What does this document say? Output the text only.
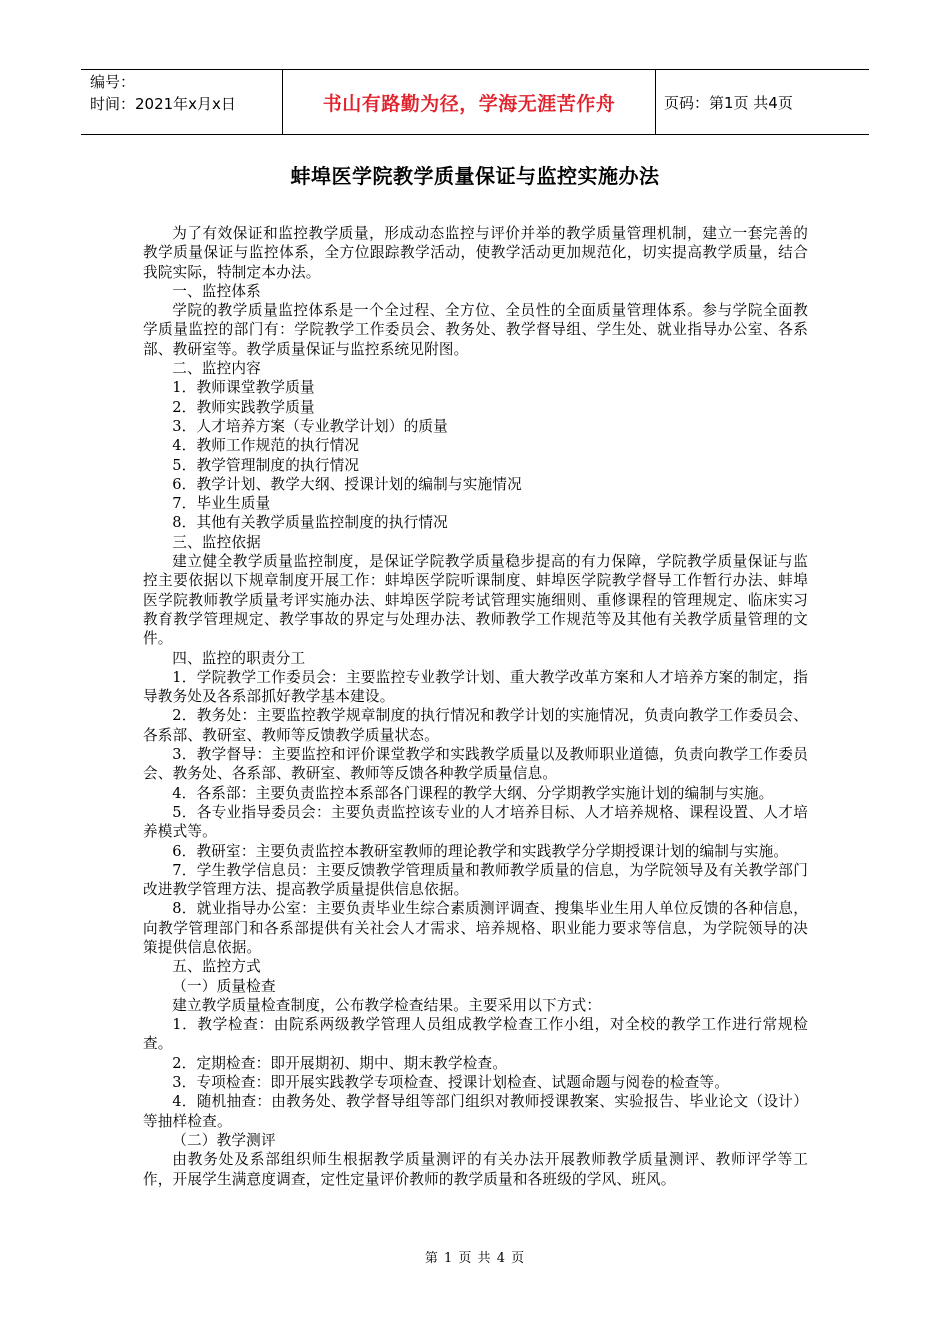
编号：
时间：2021年x月x日	书山有路勤为径，学海无涯苦作舟	页码：第1页 共4页
蚌埠医学院教学质量保证与监控实施办法

为了有效保证和监控教学质量，形成动态监控与评价并举的教学质量管理机制，建立一套完善的教学质量保证与监控体系，全方位跟踪教学活动，使教学活动更加规范化，切实提高教学质量，结合我院实际，特制定本办法。

一、监控体系

学院的教学质量监控体系是一个全过程、全方位、全员性的全面质量管理体系。参与学院全面教学质量监控的部门有：学院教学工作委员会、教务处、教学督导组、学生处、就业指导办公室、各系部、教研室等。教学质量保证与监控系统见附图。

二、监控内容

1．教师课堂教学质量

2．教师实践教学质量

3．人才培养方案（专业教学计划）的质量

4．教师工作规范的执行情况

5．教学管理制度的执行情况

6．教学计划、教学大纲、授课计划的编制与实施情况

7．毕业生质量

8．其他有关教学质量监控制度的执行情况

三、监控依据

建立健全教学质量监控制度，是保证学院教学质量稳步提高的有力保障，学院教学质量保证与监控主要依据以下规章制度开展工作：蚌埠医学院听课制度、蚌埠医学院教学督导工作暂行办法、蚌埠医学院教师教学质量考评实施办法、蚌埠医学院考试管理实施细则、重修课程的管理规定、临床实习教育教学管理规定、教学事故的界定与处理办法、教师教学工作规范等及其他有关教学质量管理的文件。

四、监控的职责分工

1．学院教学工作委员会：主要监控专业教学计划、重大教学改革方案和人才培养方案的制定，指导教务处及各系部抓好教学基本建设。

2．教务处：主要监控教学规章制度的执行情况和教学计划的实施情况，负责向教学工作委员会、各系部、教研室、教师等反馈教学质量状态。

3．教学督导：主要监控和评价课堂教学和实践教学质量以及教师职业道德，负责向教学工作委员会、教务处、各系部、教研室、教师等反馈各种教学质量信息。

4．各系部：主要负责监控本系部各门课程的教学大纲、分学期教学实施计划的编制与实施。

5．各专业指导委员会：主要负责监控该专业的人才培养目标、人才培养规格、课程设置、人才培养模式等。

6．教研室：主要负责监控本教研室教师的理论教学和实践教学分学期授课计划的编制与实施。

7．学生教学信息员：主要反馈教学管理质量和教师教学质量的信息，为学院领导及有关教学部门改进教学管理方法、提高教学质量提供信息依据。

8．就业指导办公室：主要负责毕业生综合素质测评调查、搜集毕业生用人单位反馈的各种信息，向教学管理部门和各系部提供有关社会人才需求、培养规格、职业能力要求等信息，为学院领导的决策提供信息依据。

五、监控方式

（一）质量检查

建立教学质量检查制度，公布教学检查结果。主要采用以下方式：

1．教学检查：由院系两级教学管理人员组成教学检查工作小组，对全校的教学工作进行常规检查。

2．定期检查：即开展期初、期中、期末教学检查。

3．专项检查：即开展实践教学专项检查、授课计划检查、试题命题与阅卷的检查等。

4．随机抽查：由教务处、教学督导组等部门组织对教师授课教案、实验报告、毕业论文（设计）等抽样检查。

（二）教学测评

由教务处及系部组织师生根据教学质量测评的有关办法开展教师教学质量测评、教师评学等工作，开展学生满意度调查，定性定量评价教师的教学质量和各班级的学风、班风。

第 1 页 共 4 页
